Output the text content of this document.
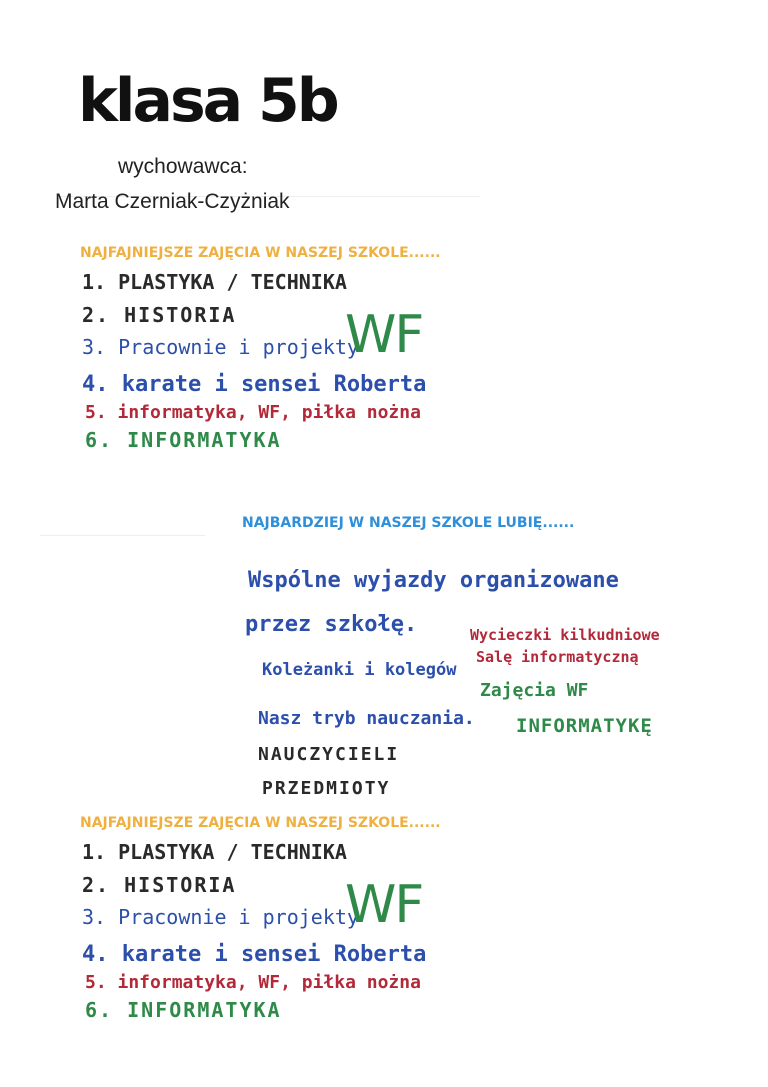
klasa 5b
wychowawca:
Marta Czerniak-Czyżniak
NAJFAJNIEJSZE ZAJĘCIA W NASZEJ SZKOLE......
1. PLASTYKA / TECHNIKA
2. HISTORIA
3. Pracownie i projekty
WF
4. karate i sensei Roberta
5. informatyka, WF, piłka nożna
6. INFORMATYKA
NAJBARDZIEJ W NASZEJ SZKOLE LUBIĘ......
Wspólne wyjazdy organizowane
przez szkołę.	Wycieczki kilkudniowe
Salę informatyczną
Koleżanki i kolegów
Zajęcia WF
Nasz tryb nauczania. INFORMATYKĘ
NAUCZYCIELI
PRZEDMIOTY
NAJFAJNIEJSZE ZAJĘCIA W NASZEJ SZKOLE......
1. PLASTYKA / TECHNIKA
2. HISTORIA
3. Pracownie i projekty
WF
4. karate i sensei Roberta
5. informatyka, WF, piłka nożna
6. INFORMATYKA
